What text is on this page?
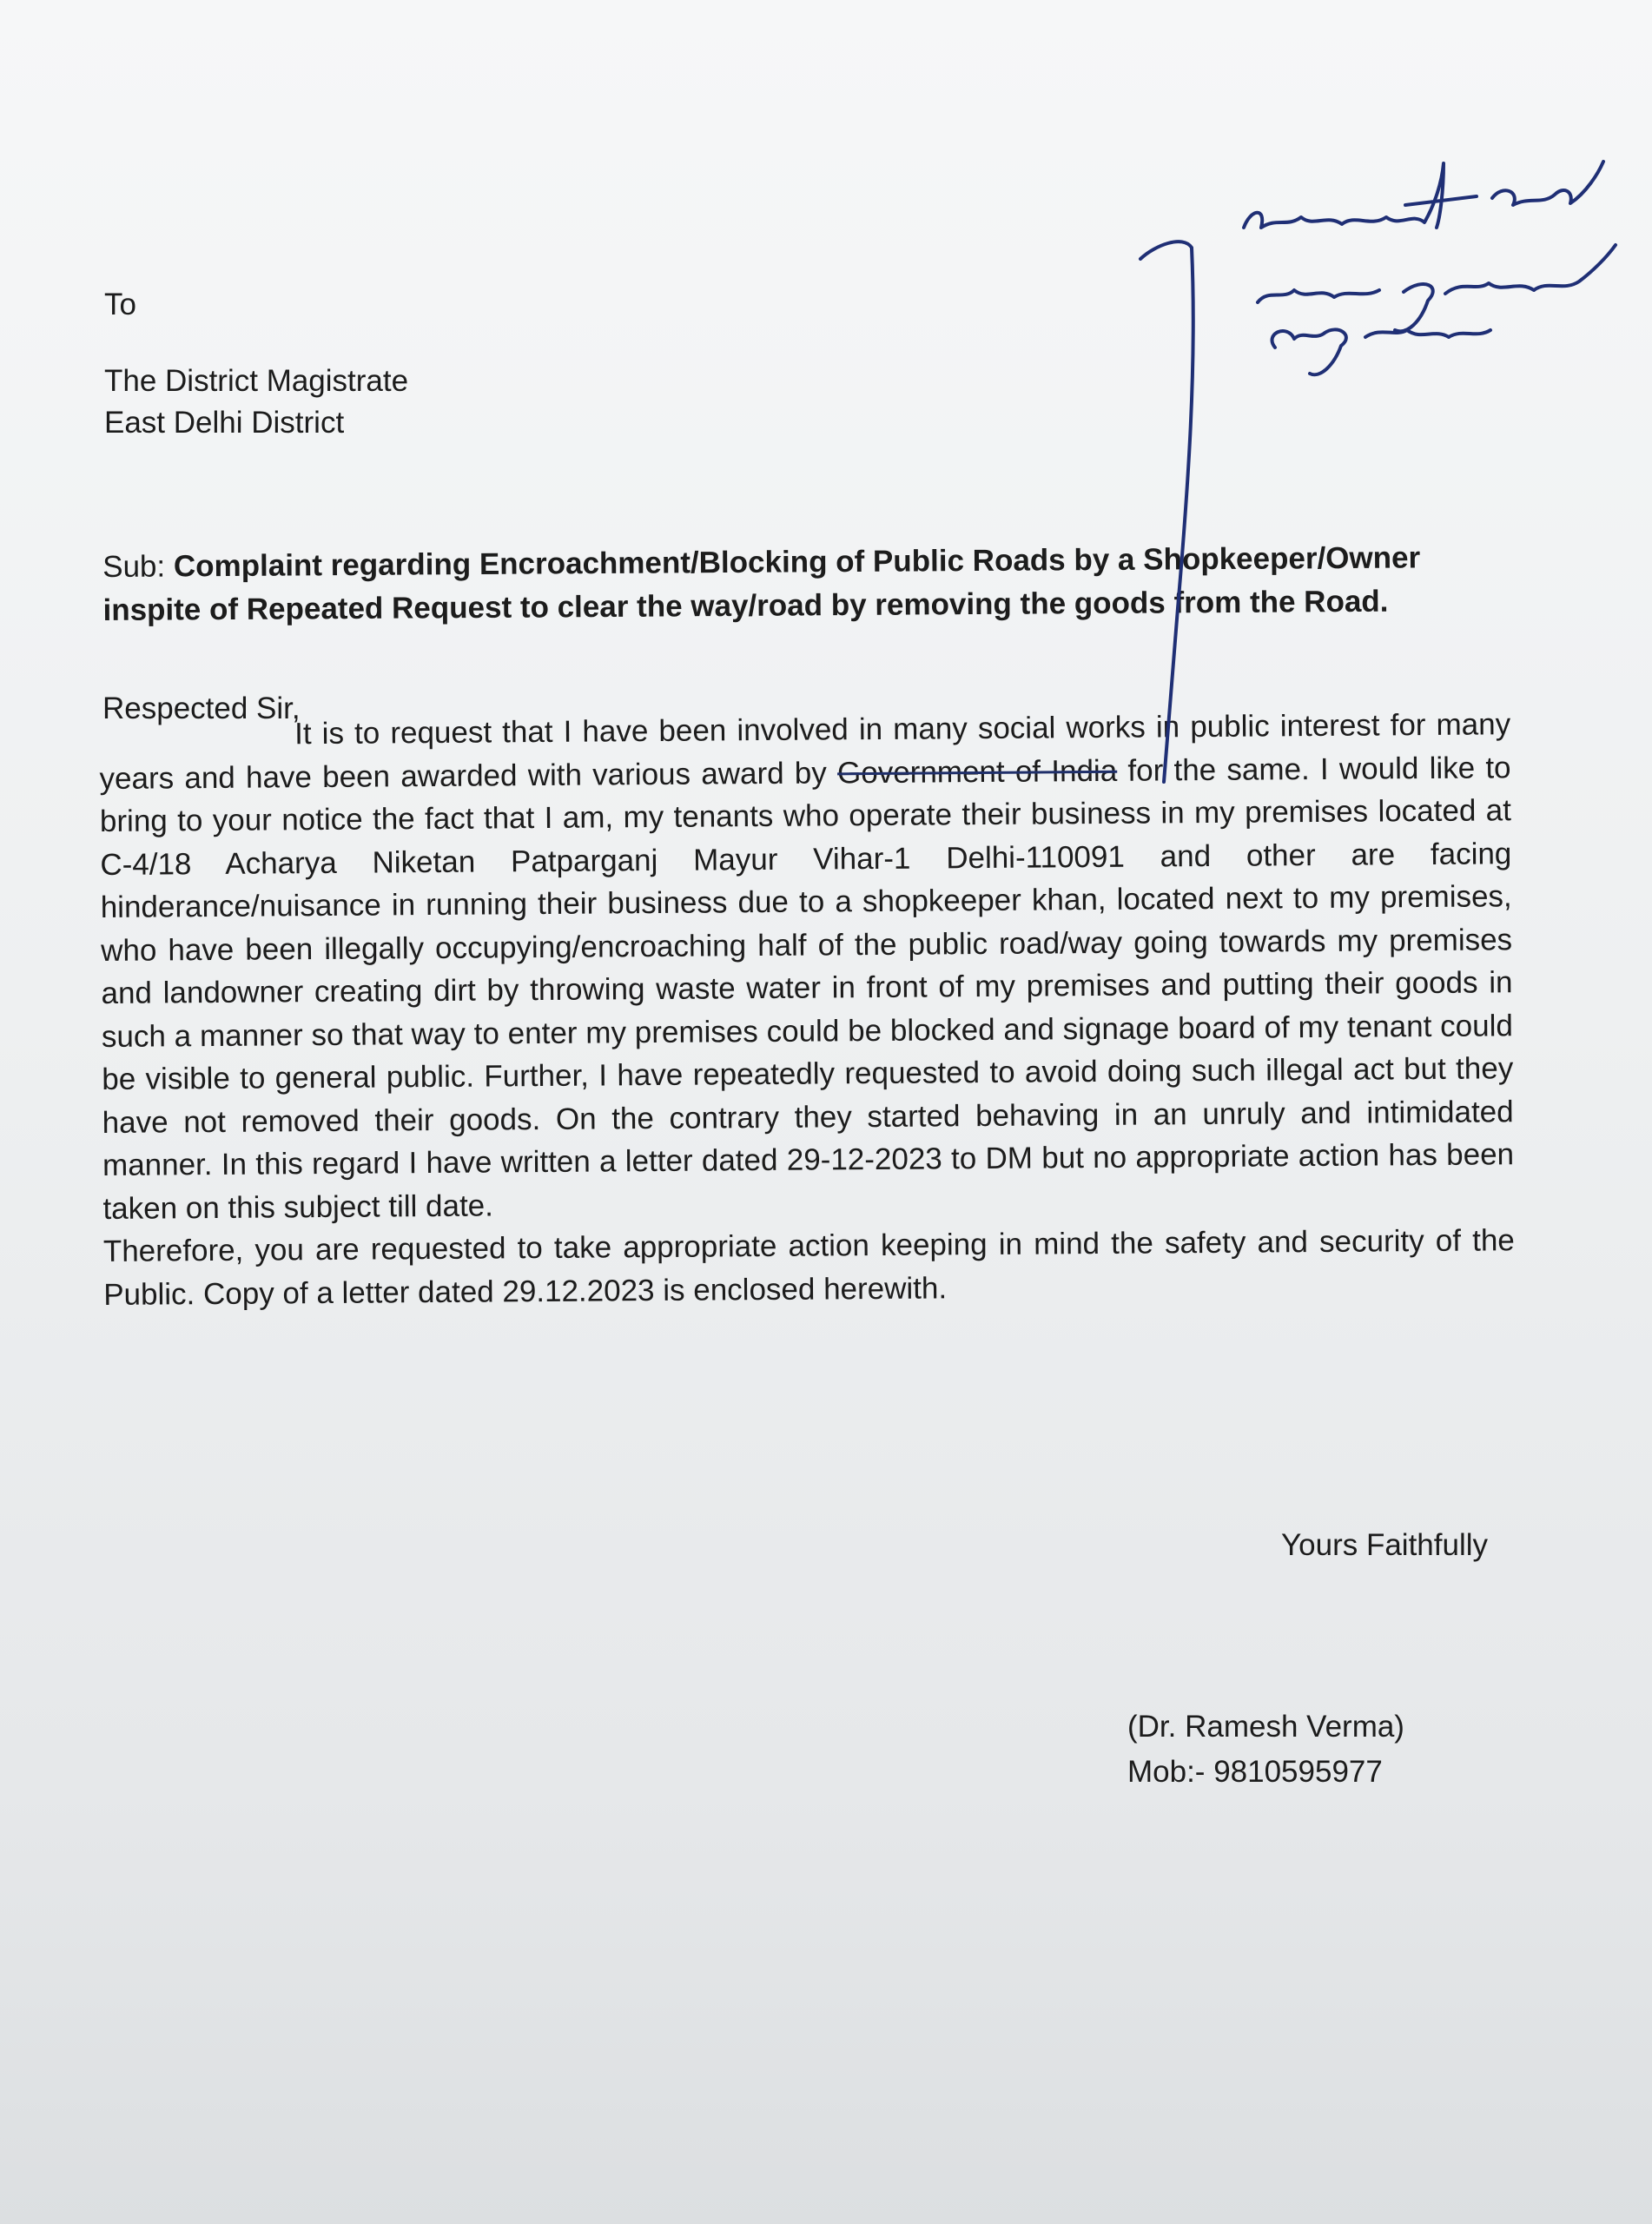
To
The District Magistrate
East Delhi District
Sub: Complaint regarding Encroachment/Blocking of Public Roads by a Shopkeeper/Owner inspite of Repeated Request to clear the way/road by removing the goods from the Road.
Respected Sir,
It is to request that I have been involved in many social works in public interest for many years and have been awarded with various award by Government of India for the same. I would like to bring to your notice the fact that I am, my tenants who operate their business in my premises located at C-4/18 Acharya Niketan Patparganj Mayur Vihar-1 Delhi-110091 and other are facing hinderance/nuisance in running their business due to a shopkeeper khan, located next to my premises, who have been illegally occupying/encroaching half of the public road/way going towards my premises and landowner creating dirt by throwing waste water in front of my premises and putting their goods in such a manner so that way to enter my premises could be blocked and signage board of my tenant could be visible to general public. Further, I have repeatedly requested to avoid doing such illegal act but they have not removed their goods. On the contrary they started behaving in an unruly and intimidated manner. In this regard I have written a letter dated 29-12-2023 to DM but no appropriate action has been taken on this subject till date.
Therefore, you are requested to take appropriate action keeping in mind the safety and security of the Public. Copy of a letter dated 29.12.2023 is enclosed herewith.
Yours Faithfully
(Dr. Ramesh Verma)
Mob:- 9810595977
